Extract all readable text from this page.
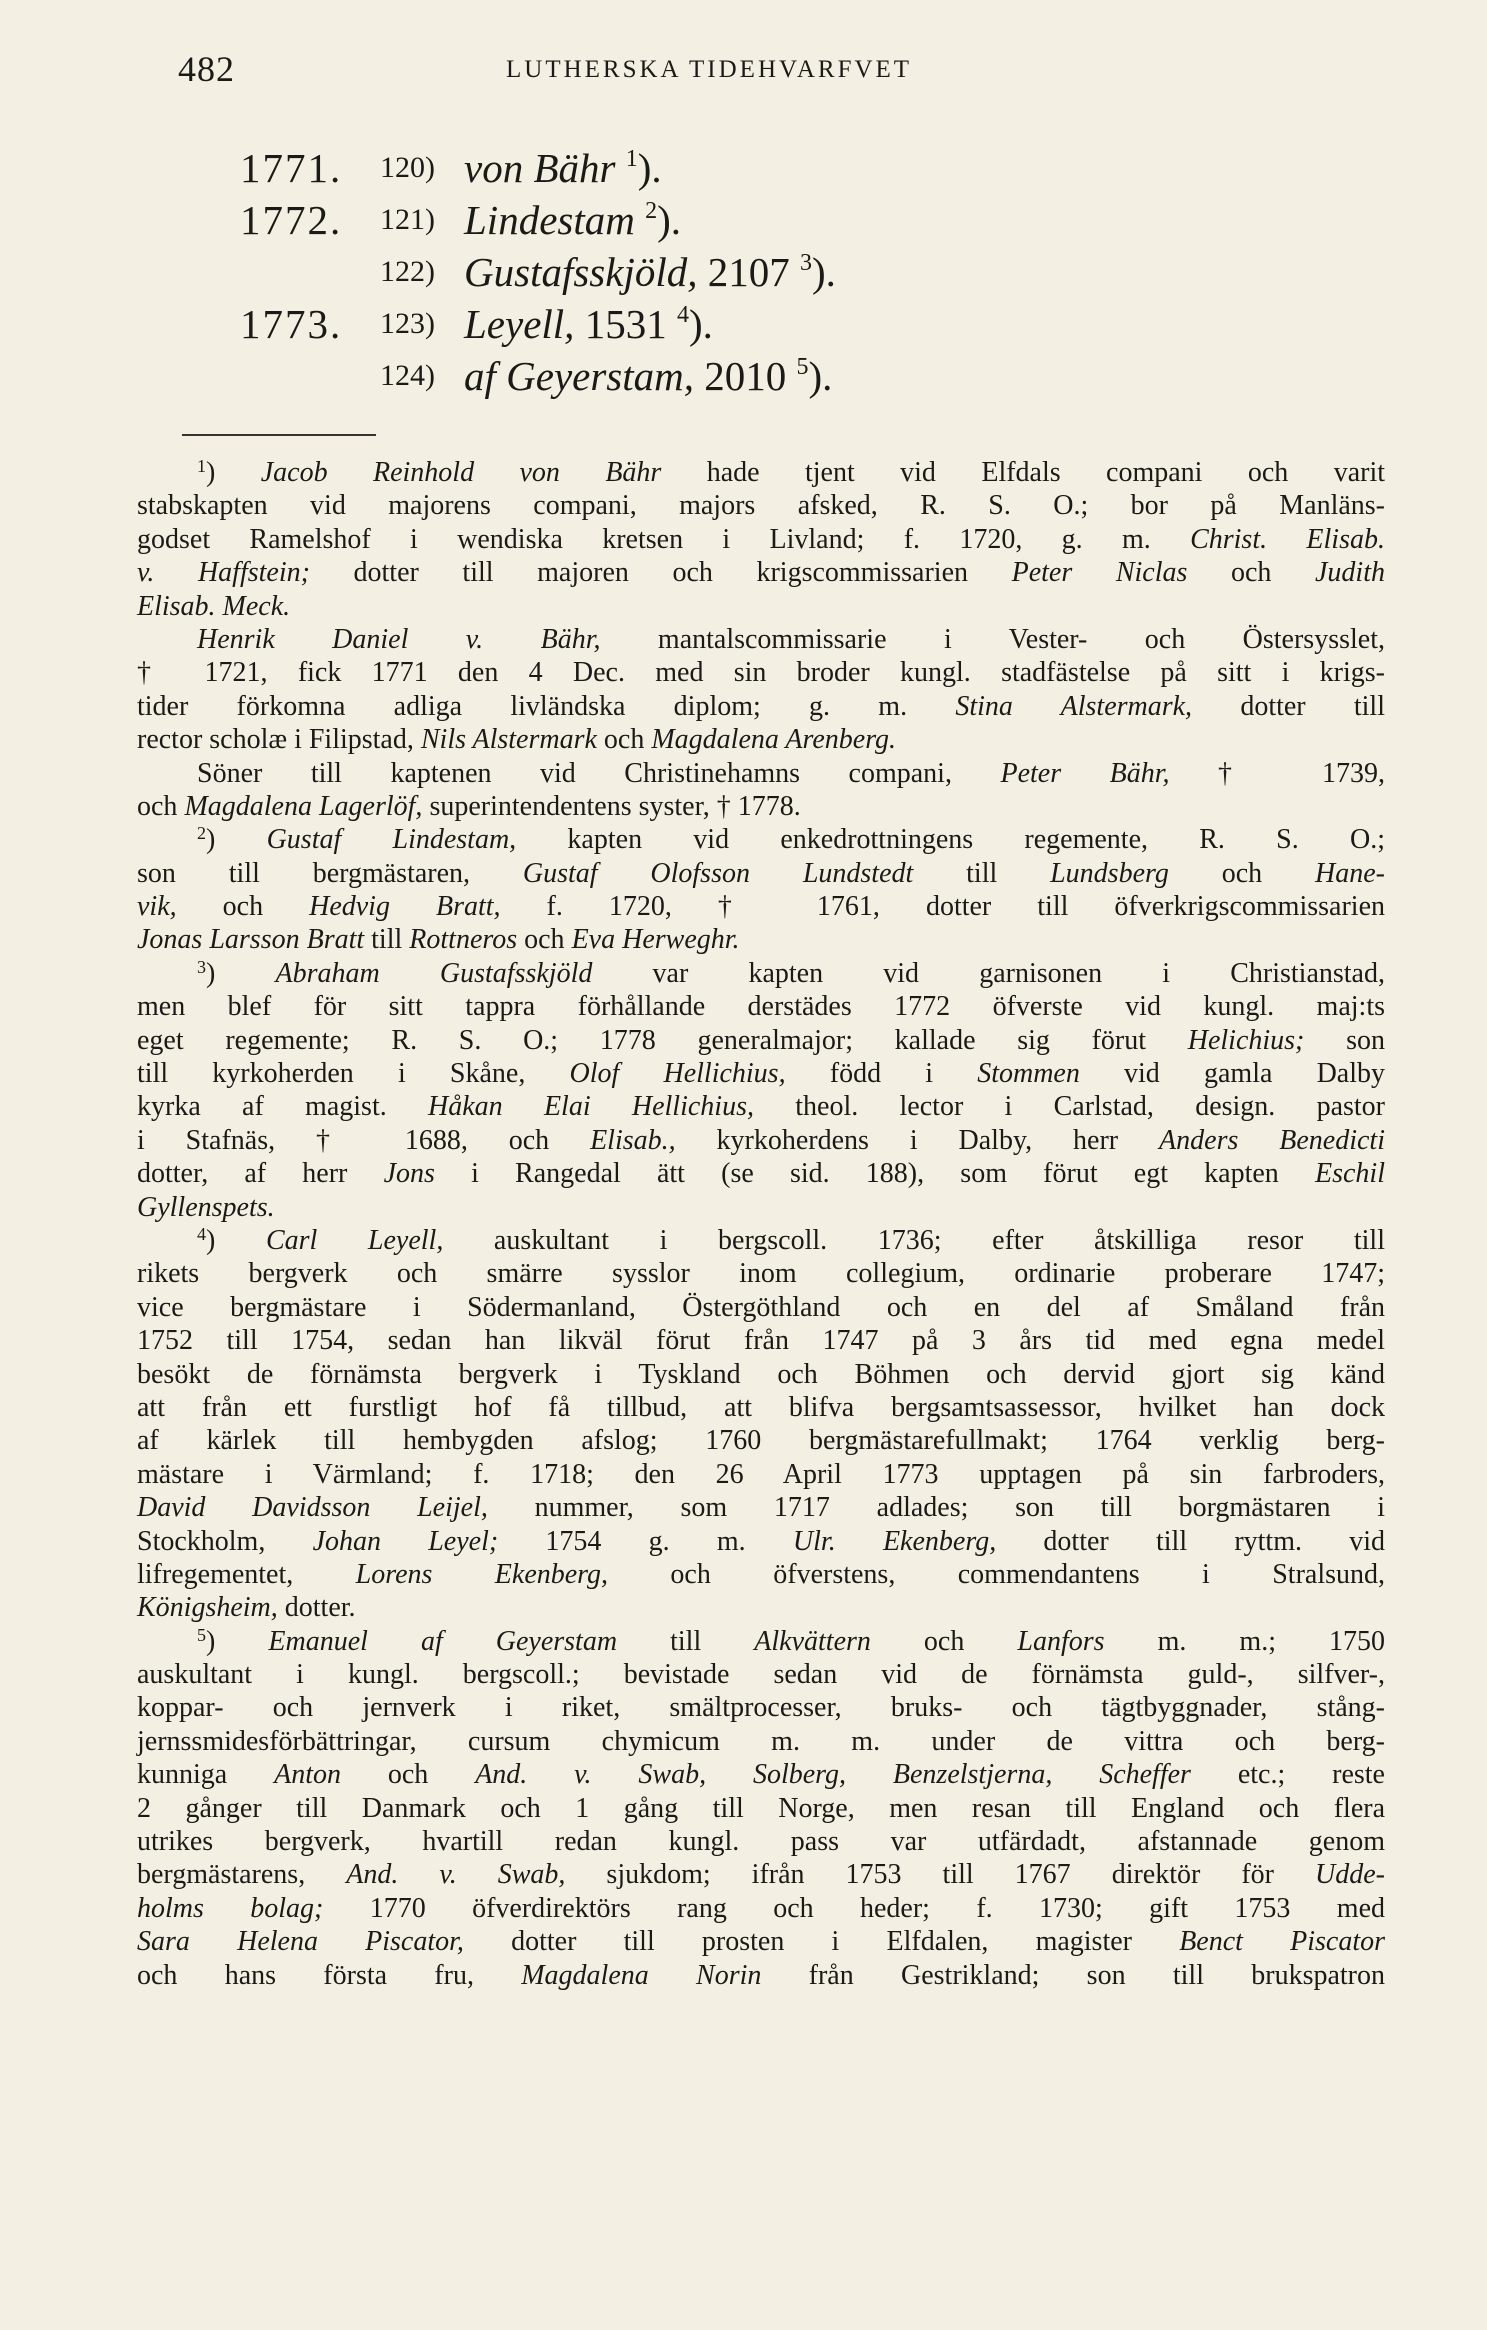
482	LUTHERSKA TIDEHVARFVET
1771. 120) von Bähr $^1$).
1772. 121) Lindestam $^2$).
122) Gustafsskjöld, 2107 $^3$).
1773. 123) Leyell, 1531 $^4$).
124) af Geyerstam, 2010 $^5$).
$^1$) Jacob Reinhold von Bähr hade tjent vid Elfdals compani och varit
stabskapten vid majorens compani, majors afsked, R. S. O.; bor på Manläns-
godset Ramelshof i wendiska kretsen i Livland; f. 1720, g. m. Christ. Elisab.
v. Haffstein; dotter till majoren och krigscommissarien Peter Niclas och Judith
Elisab. Meck.
Henrik Daniel v. Bähr, mantalscommissarie i Vester- och Östersysslet,
† 1721, fick 1771 den 4 Dec. med sin broder kungl. stadfästelse på sitt i krigs-
tider förkomna adliga livländska diplom; g. m. Stina Alstermark, dotter till
rector scholæ i Filipstad, Nils Alstermark och Magdalena Arenberg.
Söner till kaptenen vid Christinehamns compani, Peter Bähr, † 1739,
och Magdalena Lagerlöf, superintendentens syster, † 1778.
$^2$) Gustaf Lindestam, kapten vid enkedrottningens regemente, R. S. O.;
son till bergmästaren, Gustaf Olofsson Lundstedt till Lundsberg och Hane-
vik, och Hedvig Bratt, f. 1720, † 1761, dotter till öfverkrigscommissarien
Jonas Larsson Bratt till Rottneros och Eva Herweghr.
$^3$) Abraham Gustafsskjöld var kapten vid garnisonen i Christianstad,
men blef för sitt tappra förhållande derstädes 1772 öfverste vid kungl. maj:ts
eget regemente; R. S. O.; 1778 generalmajor; kallade sig förut Helichius; son
till kyrkoherden i Skåne, Olof Hellichius, född i Stommen vid gamla Dalby
kyrka af magist. Håkan Elai Hellichius, theol. lector i Carlstad, design. pastor
i Stafnäs, † 1688, och Elisab., kyrkoherdens i Dalby, herr Anders Benedicti
dotter, af herr Jons i Rangedal ätt (se sid. 188), som förut egt kapten Eschil
Gyllenspets.
$^4$) Carl Leyell, auskultant i bergscoll. 1736; efter åtskilliga resor till
rikets bergverk och smärre sysslor inom collegium, ordinarie proberare 1747;
vice bergmästare i Södermanland, Östergöthland och en del af Småland från
1752 till 1754, sedan han likväl förut från 1747 på 3 års tid med egna medel
besökt de förnämsta bergverk i Tyskland och Böhmen och dervid gjort sig känd
att från ett furstligt hof få tillbud, att blifva bergsamtsassessor, hvilket han dock
af kärlek till hembygden afslog; 1760 bergmästarefullmakt; 1764 verklig berg-
mästare i Värmland; f. 1718; den 26 April 1773 upptagen på sin farbroders,
David Davidsson Leijel, nummer, som 1717 adlades; son till borgmästaren i
Stockholm, Johan Leyel; 1754 g. m. Ulr. Ekenberg, dotter till ryttm. vid
lifregementet, Lorens Ekenberg, och öfverstens, commendantens i Stralsund,
Königsheim, dotter.
$^5$) Emanuel af Geyerstam till Alkvättern och Lanfors m. m.; 1750
auskultant i kungl. bergscoll.; bevistade sedan vid de förnämsta guld-, silfver-,
koppar- och jernverk i riket, smältprocesser, bruks- och tägtbyggnader, stång-
jernssmidesförbättringar, cursum chymicum m. m. under de vittra och berg-
kunniga Anton och And. v. Swab, Solberg, Benzelstjerna, Scheffer etc.; reste
2 gånger till Danmark och 1 gång till Norge, men resan till England och flera
utrikes bergverk, hvartill redan kungl. pass var utfärdadt, afstannade genom
bergmästarens, And. v. Swab, sjukdom; ifrån 1753 till 1767 direktör för Udde-
holms bolag; 1770 öfverdirektörs rang och heder; f. 1730; gift 1753 med
Sara Helena Piscator, dotter till prosten i Elfdalen, magister Benct Piscator
och hans första fru, Magdalena Norin från Gestrikland; son till brukspatron
